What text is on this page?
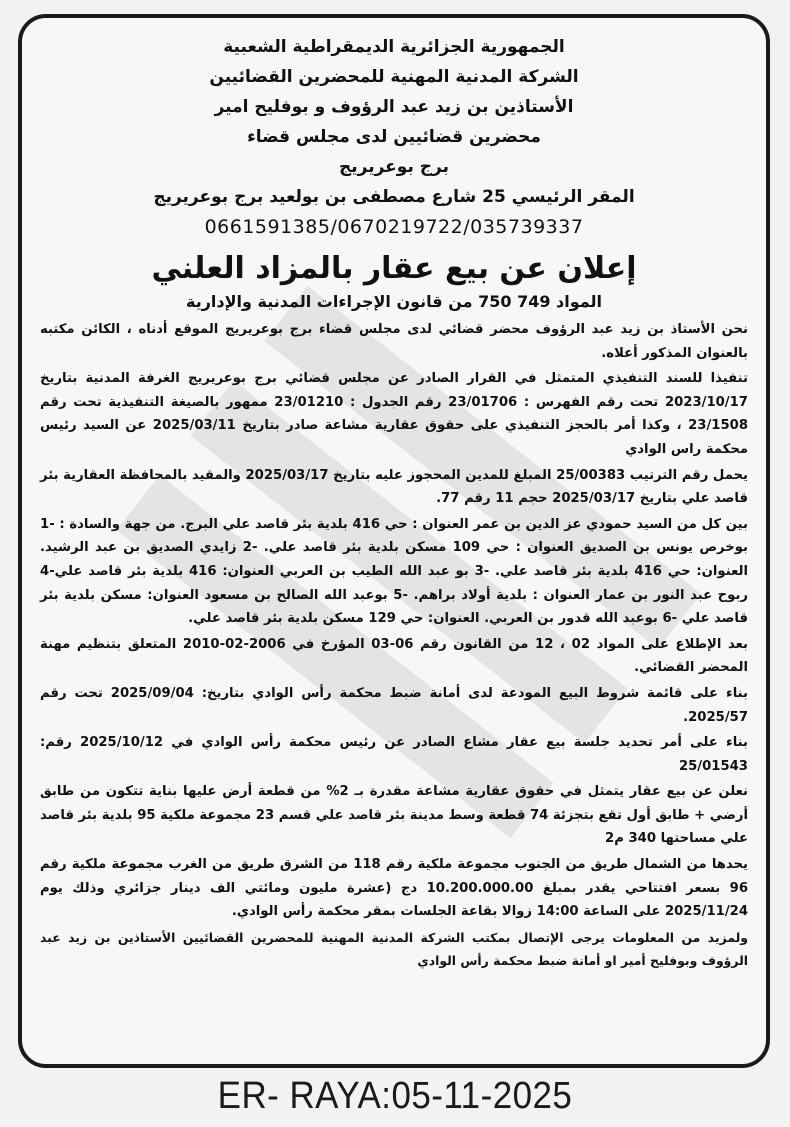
الجمهورية الجزائرية الديمقراطية الشعبية

الشركة المدنية المهنية للمحضرين القضائيين

الأستاذين بن زيد عبد الرؤوف و بوفليح امير

محضرين قضائيين لدى مجلس قضاء

برج بوعريريج

المقر الرئيسي 25 شارع مصطفى بن بولعيد برج بوعريريج

0661591385/0670219722/035739337

إعلان عن بيع عقار بالمزاد العلني
المواد 749 750 من قانون الإجراءات المدنية والإدارية

نحن الأستاذ بن زيد عبد الرؤوف محضر قضائي لدى مجلس قضاء برج بوعريريج الموقع أدناه ، الكائن مكتبه بالعنوان المذكور أعلاه.

تنفيذا للسند التنفيذي المتمثل في القرار الصادر عن مجلس قضائي برج بوعريريج الغرفة المدنية بتاريخ 2023/10/17 تحت رقم الفهرس : 23/01706 رقم الجدول : 23/01210 ممهور بالصيغة التنفيذية تحت رقم 23/1508 ، وكذا أمر بالحجز التنفيذي على حقوق عقارية مشاعة صادر بتاريخ 2025/03/11 عن السيد رئيس محكمة راس الوادي

يحمل رقم الترتيب 25/00383 المبلغ للمدين المحجوز عليه بتاريخ 2025/03/17 والمقيد بالمحافظة العقارية بئر قاصد علي بتاريخ 2025/03/17 حجم 11 رقم 77.

بين كل من السيد حمودي عز الدين بن عمر العنوان : حي 416 بلدية بئر قاصد علي البرج. من جهة والسادة : -1 بوخرص يونس بن الصديق العنوان : حي 109 مسكن بلدية بئر قاصد علي. -2 زايدي الصديق بن عبد الرشيد. العنوان: حي 416 بلدية بئر قاصد علي. -3 بو عبد الله الطيب بن العربي العنوان: 416 بلدية بئر قاصد علي-4 ربوح عبد النور بن عمار العنوان : بلدية أولاد براهم. -5 بوعبد الله الصالح بن مسعود العنوان: مسكن بلدية بئر قاصد علي -6 بوعبد الله قدور بن العربي. العنوان: حي 129 مسكن بلدية بئر قاصد علي.

بعد الإطلاع على المواد 02 ، 12 من القانون رقم 06-03 المؤرخ في 2006-02-2010 المتعلق بتنظيم مهنة المحضر القضائي.

بناء على قائمة شروط البيع المودعة لدى أمانة ضبط محكمة رأس الوادي بتاريخ: 2025/09/04 تحت رقم 2025/57.

بناء على أمر تحديد جلسة بيع عقار مشاع الصادر عن رئيس محكمة رأس الوادي في 2025/10/12 رقم: 25/01543

نعلن عن بيع عقار يتمثل في حقوق عقارية مشاعة مقدرة بـ 2% من قطعة أرض عليها بناية تتكون من طابق أرضي + طابق أول تقع بتجزئة 74 قطعة وسط مدينة بئر قاصد علي قسم 23 مجموعة ملكية 95 بلدية بئر قاصد علي مساحتها 340 م2

يحدها من الشمال طريق من الجنوب مجموعة ملكية رقم 118 من الشرق طريق من الغرب مجموعة ملكية رقم 96 بسعر افتتاحي يقدر بمبلغ 10.200.000.00 دج (عشرة مليون ومائتي الف دينار جزائري وذلك يوم 2025/11/24 على الساعة 14:00 زوالا بقاعة الجلسات بمقر محكمة رأس الوادي.

ولمزيد من المعلومات يرجى الإتصال بمكتب الشركة المدنية المهنية للمحضرين القضائيين الأستاذين بن زيد عبد الرؤوف وبوفليح أمير او أمانة ضبط محكمة رأس الوادي

ER- RAYA:05-11-2025
